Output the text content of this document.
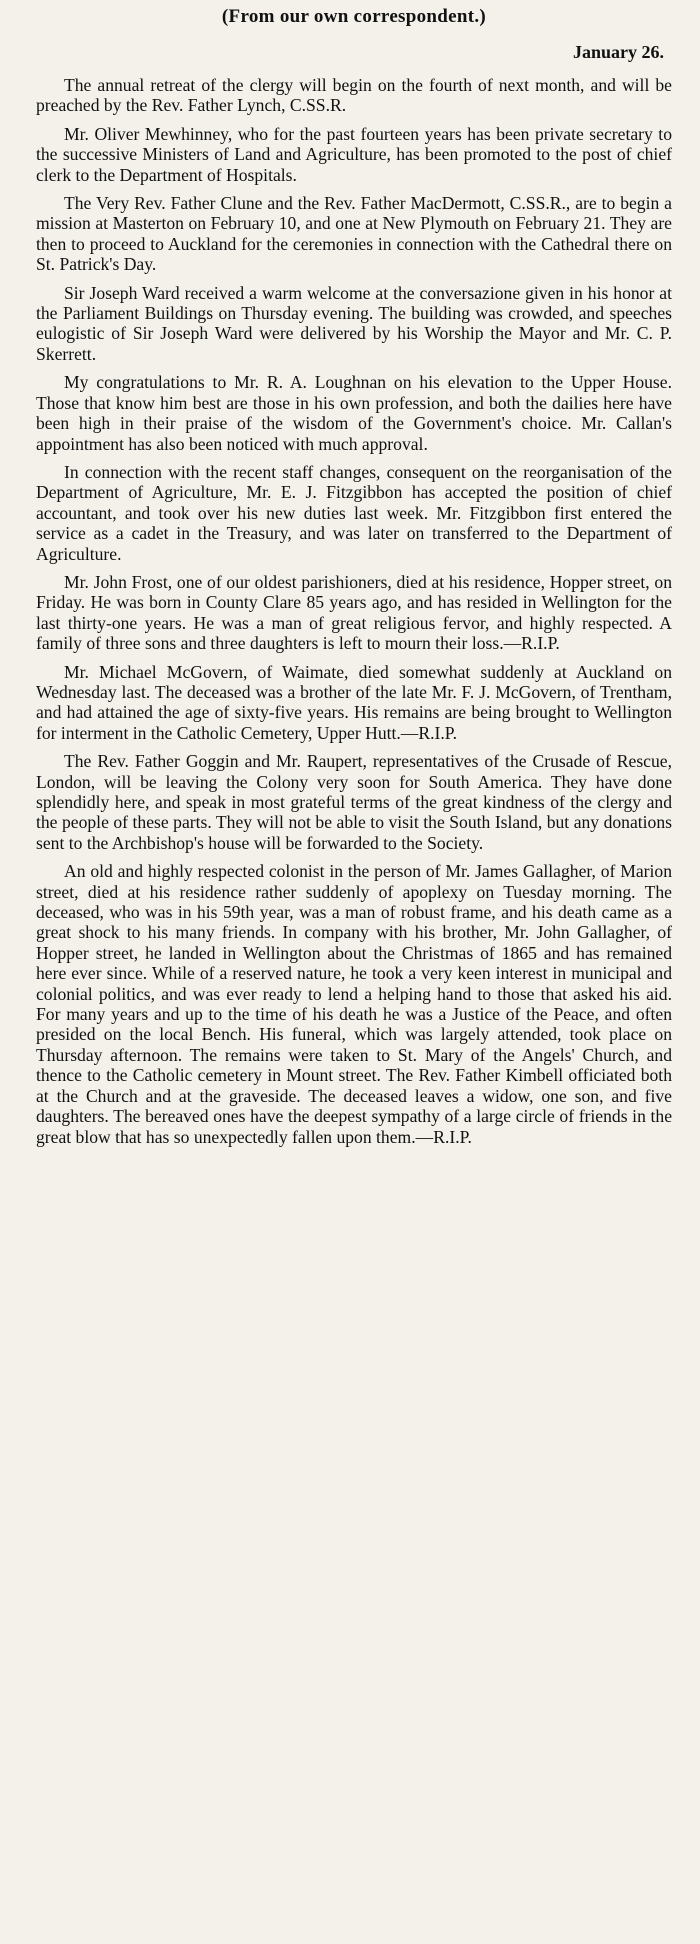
(From our own correspondent.)
January 26.

The annual retreat of the clergy will begin on the fourth of next month, and will be preached by the Rev. Father Lynch, C.SS.R.

Mr. Oliver Mewhinney, who for the past fourteen years has been private secretary to the successive Ministers of Land and Agriculture, has been promoted to the post of chief clerk to the Department of Hospitals.

The Very Rev. Father Clune and the Rev. Father MacDermott, C.SS.R., are to begin a mission at Masterton on February 10, and one at New Plymouth on February 21. They are then to proceed to Auckland for the ceremonies in connection with the Cathedral there on St. Patrick's Day.

Sir Joseph Ward received a warm welcome at the conversazione given in his honor at the Parliament Buildings on Thursday evening. The building was crowded, and speeches eulogistic of Sir Joseph Ward were delivered by his Worship the Mayor and Mr. C. P. Skerrett.

My congratulations to Mr. R. A. Loughnan on his elevation to the Upper House. Those that know him best are those in his own profession, and both the dailies here have been high in their praise of the wisdom of the Government's choice. Mr. Callan's appointment has also been noticed with much approval.

In connection with the recent staff changes, consequent on the reorganisation of the Department of Agriculture, Mr. E. J. Fitzgibbon has accepted the position of chief accountant, and took over his new duties last week. Mr. Fitzgibbon first entered the service as a cadet in the Treasury, and was later on transferred to the Department of Agriculture.

Mr. John Frost, one of our oldest parishioners, died at his residence, Hopper street, on Friday. He was born in County Clare 85 years ago, and has resided in Wellington for the last thirty-one years. He was a man of great religious fervor, and highly respected. A family of three sons and three daughters is left to mourn their loss.—R.I.P.

Mr. Michael McGovern, of Waimate, died somewhat suddenly at Auckland on Wednesday last. The deceased was a brother of the late Mr. F. J. McGovern, of Trentham, and had attained the age of sixty-five years. His remains are being brought to Wellington for interment in the Catholic Cemetery, Upper Hutt.—R.I.P.

The Rev. Father Goggin and Mr. Raupert, representatives of the Crusade of Rescue, London, will be leaving the Colony very soon for South America. They have done splendidly here, and speak in most grateful terms of the great kindness of the clergy and the people of these parts. They will not be able to visit the South Island, but any donations sent to the Archbishop's house will be forwarded to the Society.

An old and highly respected colonist in the person of Mr. James Gallagher, of Marion street, died at his residence rather suddenly of apoplexy on Tuesday morning. The deceased, who was in his 59th year, was a man of robust frame, and his death came as a great shock to his many friends. In company with his brother, Mr. John Gallagher, of Hopper street, he landed in Wellington about the Christmas of 1865 and has remained here ever since. While of a reserved nature, he took a very keen interest in municipal and colonial politics, and was ever ready to lend a helping hand to those that asked his aid. For many years and up to the time of his death he was a Justice of the Peace, and often presided on the local Bench. His funeral, which was largely attended, took place on Thursday afternoon. The remains were taken to St. Mary of the Angels' Church, and thence to the Catholic cemetery in Mount street. The Rev. Father Kimbell officiated both at the Church and at the graveside. The deceased leaves a widow, one son, and five daughters. The bereaved ones have the deepest sympathy of a large circle of friends in the great blow that has so unexpectedly fallen upon them.—R.I.P.
